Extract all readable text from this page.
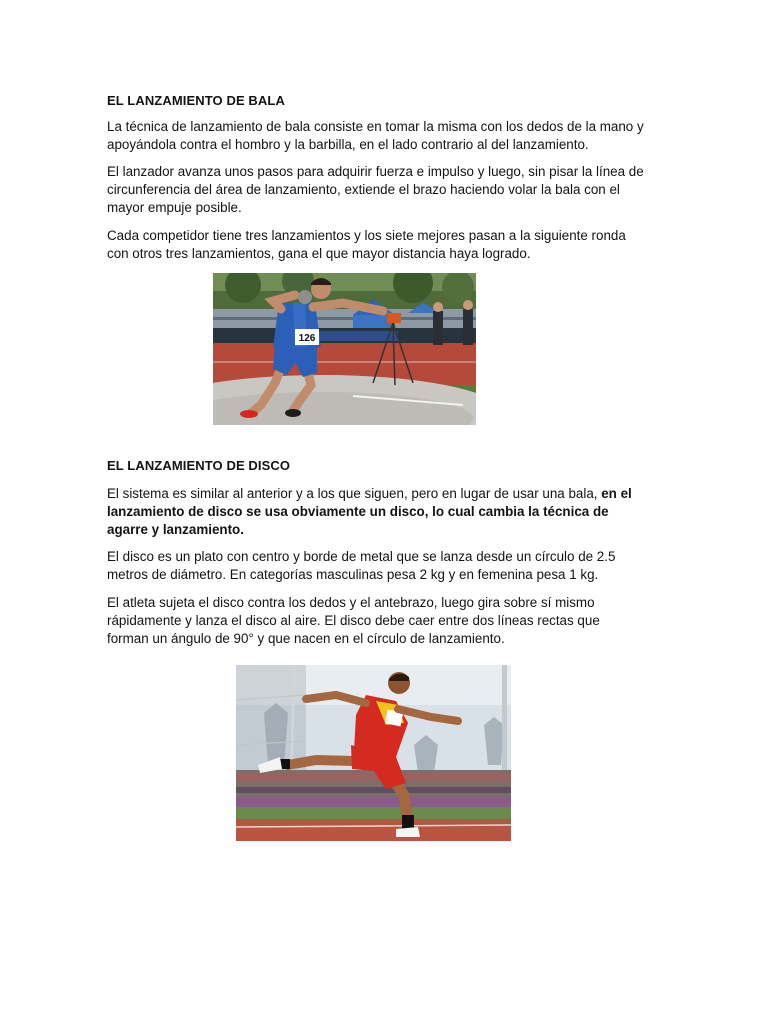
EL LANZAMIENTO DE BALA

La técnica de lanzamiento de bala consiste en tomar la misma con los dedos de la mano y
apoyándola contra el hombro y la barbilla, en el lado contrario al del lanzamiento.

El lanzador avanza unos pasos para adquirir fuerza e impulso y luego, sin pisar la línea de
circunferencia del área de lanzamiento, extiende el brazo haciendo volar la bala con el
mayor empuje posible.

Cada competidor tiene tres lanzamientos y los siete mejores pasan a la siguiente ronda
con otros tres lanzamientos, gana el que mayor distancia haya logrado.

126
EL LANZAMIENTO DE DISCO

El sistema es similar al anterior y a los que siguen, pero en lugar de usar una bala, en el
lanzamiento de disco se usa obviamente un disco, lo cual cambia la técnica de
agarre y lanzamiento.

El disco es un plato con centro y borde de metal que se lanza desde un círculo de 2.5
metros de diámetro. En categorías masculinas pesa 2 kg y en femenina pesa 1 kg.

El atleta sujeta el disco contra los dedos y el antebrazo, luego gira sobre sí mismo
rápidamente y lanza el disco al aire. El disco debe caer entre dos líneas rectas que
forman un ángulo de 90° y que nacen en el círculo de lanzamiento.
